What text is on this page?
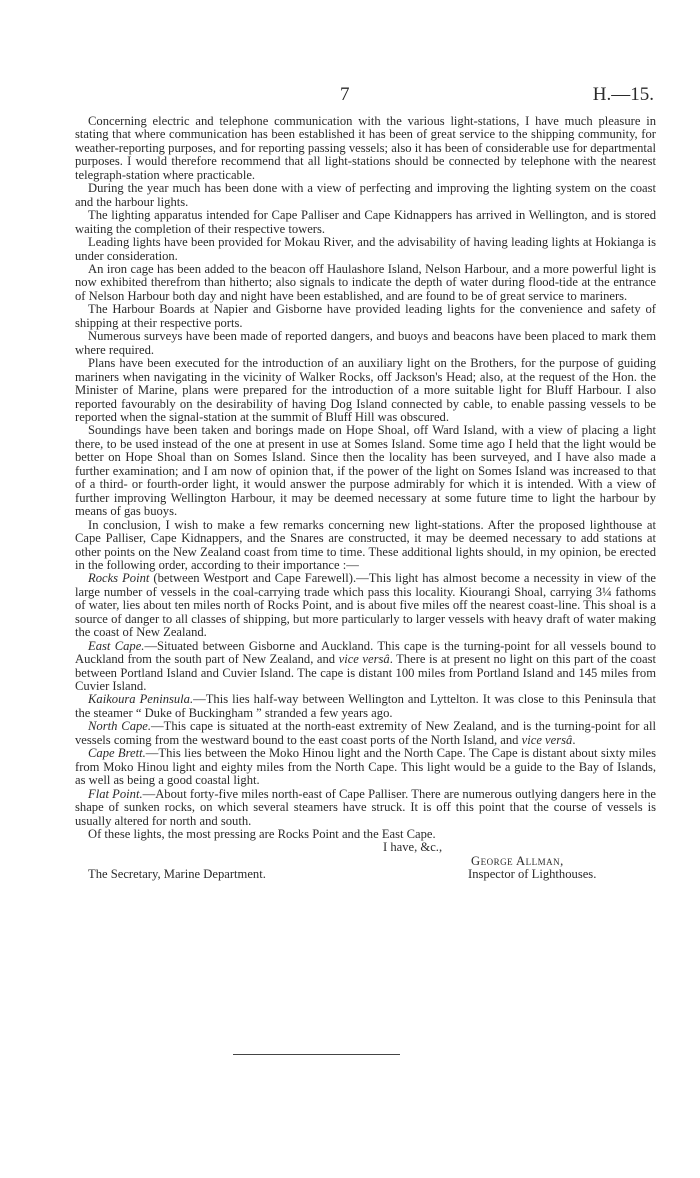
7	H.—15.

Concerning electric and telephone communication with the various light-stations, I have much pleasure in stating that where communication has been established it has been of great service to the shipping community, for weather-reporting purposes, and for reporting passing vessels; also it has been of considerable use for departmental purposes. I would therefore recommend that all light-stations should be connected by telephone with the nearest telegraph-station where practicable.

During the year much has been done with a view of perfecting and improving the lighting system on the coast and the harbour lights.

The lighting apparatus intended for Cape Palliser and Cape Kidnappers has arrived in Wellington, and is stored waiting the completion of their respective towers.

Leading lights have been provided for Mokau River, and the advisability of having leading lights at Hokianga is under consideration.

An iron cage has been added to the beacon off Haulashore Island, Nelson Harbour, and a more powerful light is now exhibited therefrom than hitherto; also signals to indicate the depth of water during flood-tide at the entrance of Nelson Harbour both day and night have been established, and are found to be of great service to mariners.

The Harbour Boards at Napier and Gisborne have provided leading lights for the convenience and safety of shipping at their respective ports.

Numerous surveys have been made of reported dangers, and buoys and beacons have been placed to mark them where required.

Plans have been executed for the introduction of an auxiliary light on the Brothers, for the purpose of guiding mariners when navigating in the vicinity of Walker Rocks, off Jackson's Head; also, at the request of the Hon. the Minister of Marine, plans were prepared for the introduction of a more suitable light for Bluff Harbour. I also reported favourably on the desirability of having Dog Island connected by cable, to enable passing vessels to be reported when the signal-station at the summit of Bluff Hill was obscured.

Soundings have been taken and borings made on Hope Shoal, off Ward Island, with a view of placing a light there, to be used instead of the one at present in use at Somes Island. Some time ago I held that the light would be better on Hope Shoal than on Somes Island. Since then the locality has been surveyed, and I have also made a further examination; and I am now of opinion that, if the power of the light on Somes Island was increased to that of a third- or fourth-order light, it would answer the purpose admirably for which it is intended. With a view of further improving Wellington Harbour, it may be deemed necessary at some future time to light the harbour by means of gas buoys.

In conclusion, I wish to make a few remarks concerning new light-stations. After the proposed lighthouse at Cape Palliser, Cape Kidnappers, and the Snares are constructed, it may be deemed necessary to add stations at other points on the New Zealand coast from time to time. These additional lights should, in my opinion, be erected in the following order, according to their importance :—

Rocks Point (between Westport and Cape Farewell).—This light has almost become a necessity in view of the large number of vessels in the coal-carrying trade which pass this locality. Kiourangi Shoal, carrying 3¼ fathoms of water, lies about ten miles north of Rocks Point, and is about five miles off the nearest coast-line. This shoal is a source of danger to all classes of shipping, but more particularly to larger vessels with heavy draft of water making the coast of New Zealand.

East Cape.—Situated between Gisborne and Auckland. This cape is the turning-point for all vessels bound to Auckland from the south part of New Zealand, and vice versâ. There is at present no light on this part of the coast between Portland Island and Cuvier Island. The cape is distant 100 miles from Portland Island and 145 miles from Cuvier Island.

Kaikoura Peninsula.—This lies half-way between Wellington and Lyttelton. It was close to this Peninsula that the steamer “ Duke of Buckingham ” stranded a few years ago.

North Cape.—This cape is situated at the north-east extremity of New Zealand, and is the turning-point for all vessels coming from the westward bound to the east coast ports of the North Island, and vice versâ.

Cape Brett.—This lies between the Moko Hinou light and the North Cape. The Cape is distant about sixty miles from Moko Hinou light and eighty miles from the North Cape. This light would be a guide to the Bay of Islands, as well as being a good coastal light.

Flat Point.—About forty-five miles north-east of Cape Palliser. There are numerous outlying dangers here in the shape of sunken rocks, on which several steamers have struck. It is off this point that the course of vessels is usually altered for north and south.

Of these lights, the most pressing are Rocks Point and the East Cape.

I have, &c.,
George Allman,
The Secretary, Marine Department.	Inspector of Lighthouses.
